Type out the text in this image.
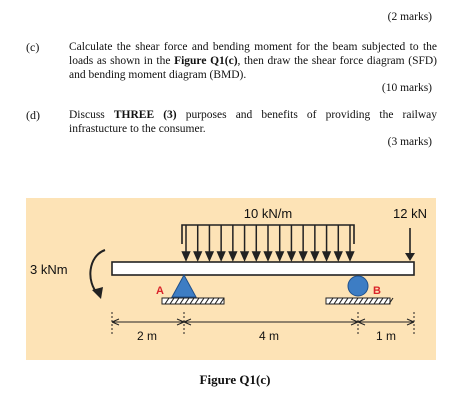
(2 marks)
(c)	Calculate the shear force and bending moment for the beam subjected to the loads as shown in the Figure Q1(c), then draw the shear force diagram (SFD) and bending moment diagram (BMD).
(10 marks)
(d)	Discuss THREE (3) purposes and benefits of providing the railway infrastucture to the consumer.
(3 marks)
10 kN/m	12 kN
3 kNm
A	B
2 m	4 m	1 m
Figure Q1(c)
